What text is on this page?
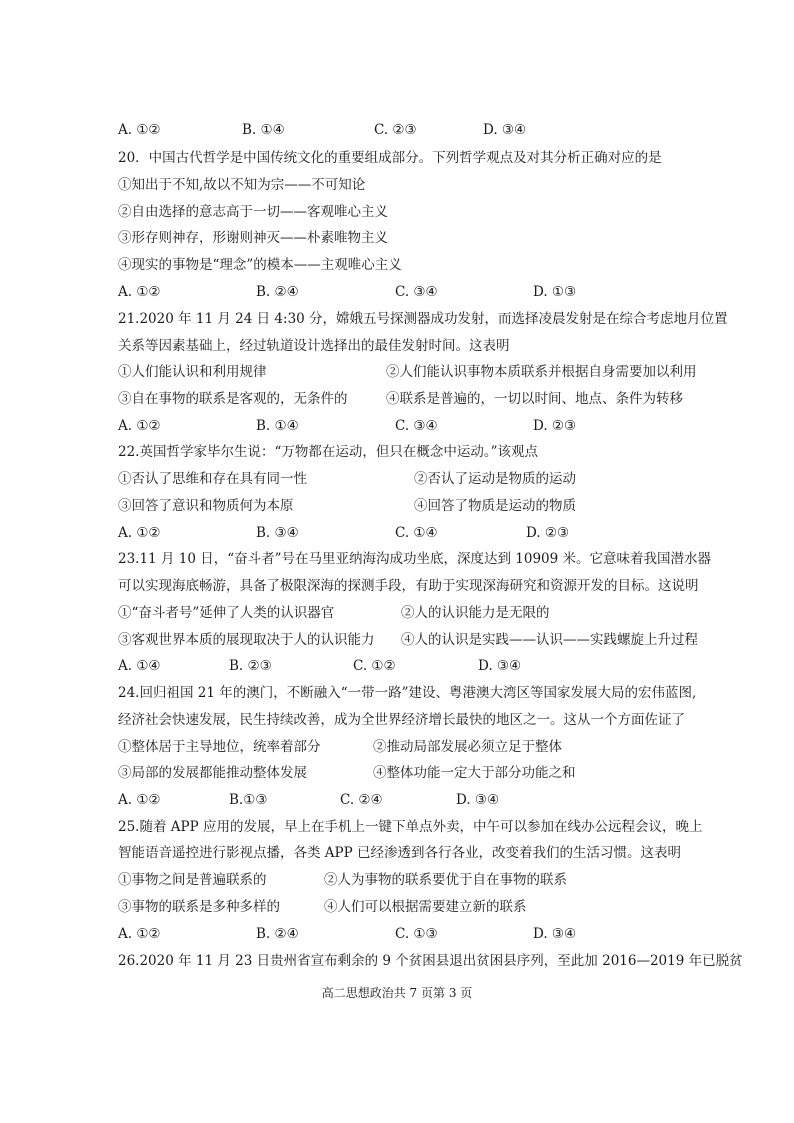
A. ①②	B. ①④	C. ②③	D. ③④
20．中国古代哲学是中国传统文化的重要组成部分。下列哲学观点及对其分析正确对应的是
①知出于不知,故以不知为宗——不可知论
②自由选择的意志高于一切——客观唯心主义
③形存则神存，形谢则神灭——朴素唯物主义
④现实的事物是“理念”的模本——主观唯心主义
A. ①②	B. ②④	C. ③④	D. ①③
21.2020 年 11 月 24 日 4:30 分，嫦娥五号探测器成功发射，而选择凌晨发射是在综合考虑地月位置
关系等因素基础上，经过轨道设计选择出的最佳发射时间。这表明
①人们能认识和利用规律	②人们能认识事物本质联系并根据自身需要加以利用
③自在事物的联系是客观的，无条件的	④联系是普遍的，一切以时间、地点、条件为转移
A. ①②	B. ①④	C. ③④	D. ②③
22.英国哲学家毕尔生说：“万物都在运动，但只在概念中运动。”该观点
①否认了思维和存在具有同一性	②否认了运动是物质的运动
③回答了意识和物质何为本原	④回答了物质是运动的物质
A. ①②	B. ③④	C. ①④	D. ②③
23.11 月 10 日，“奋斗者”号在马里亚纳海沟成功坐底，深度达到 10909 米。它意味着我国潜水器
可以实现海底畅游，具备了极限深海的探测手段，有助于实现深海研究和资源开发的目标。这说明
①“奋斗者号”延伸了人类的认识器官	②人的认识能力是无限的
③客观世界本质的展现取决于人的认识能力 ④人的认识是实践——认识——实践螺旋上升过程
A. ①④	B. ②③	C. ①②	D. ③④
24.回归祖国 21 年的澳门，不断融入“一带一路”建设、粤港澳大湾区等国家发展大局的宏伟蓝图,
经济社会快速发展，民生持续改善，成为全世界经济增长最快的地区之一。这从一个方面佐证了
①整体居于主导地位，统率着部分	②推动局部发展必须立足于整体
③局部的发展都能推动整体发展	④整体功能一定大于部分功能之和
A. ①②	B.①③	C. ②④	D. ③④
25.随着 APP 应用的发展，早上在手机上一键下单点外卖，中午可以参加在线办公远程会议，晚上
智能语音遥控进行影视点播，各类 APP 已经渗透到各行各业，改变着我们的生活习惯。这表明
①事物之间是普遍联系的	②人为事物的联系要优于自在事物的联系
③事物的联系是多种多样的	④人们可以根据需要建立新的联系
A. ①②	B. ②④	C. ①③	D. ③④
26.2020 年 11 月 23 日贵州省宣布剩余的 9 个贫困县退出贫困县序列，至此加 2016—2019 年已脱贫
高二思想政治共 7 页第 3 页
